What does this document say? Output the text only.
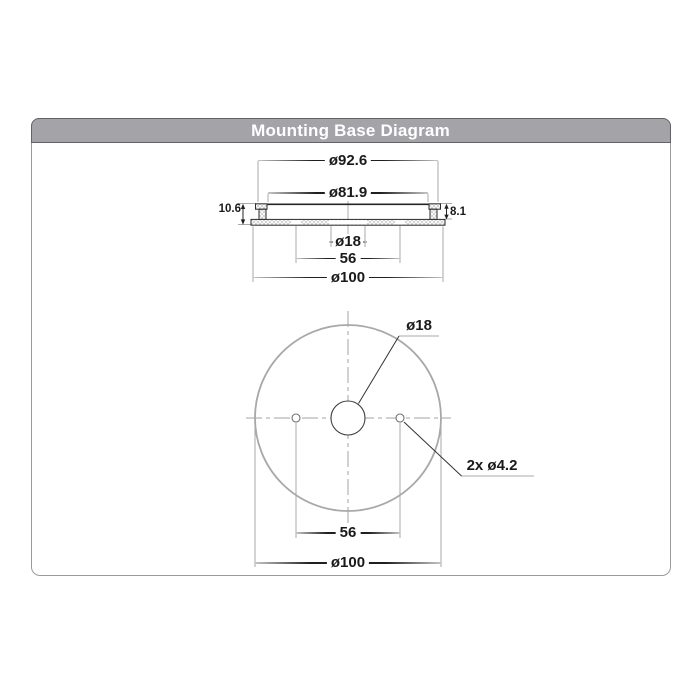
Mounting Base Diagram
ø92.6
ø81.9
10.6	8.1
ø18
56
ø100
ø18
2x ø4.2
56
ø100
